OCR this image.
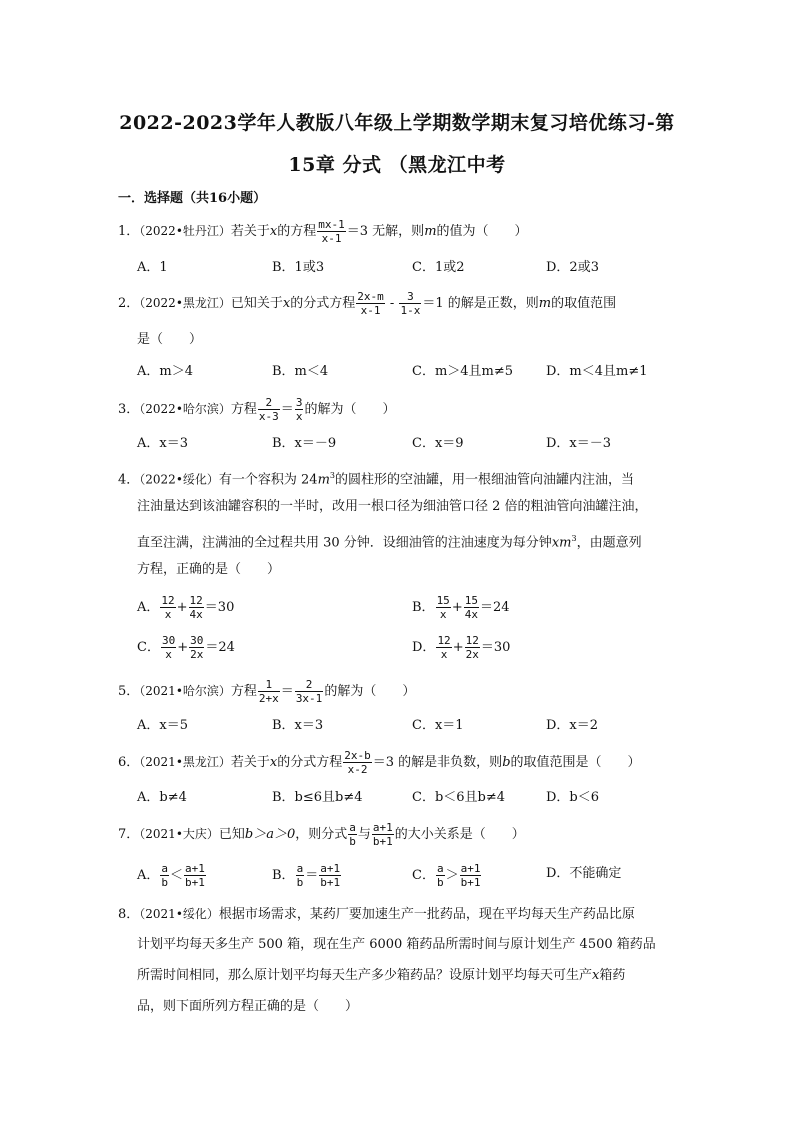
2022-2023学年人教版八年级上学期数学期末复习培优练习-第
15章 分式 （黑龙江中考
一．选择题（共16小题）
1．（2022•牡丹江）若关于x的方程 $\frac{mx-1}{x-1} =3$ 无解，则m的值为（　　）
A．1	B．1或3	C．1或2	D．2或3
2．（2022•黑龙江）已知关于x的分式方程 $\frac{2x-m}{x-1} - \frac{3}{1-x} =1$ 的解是正数，则m的取值范围
是（　　）
A．m＞4	B．m＜4	C．m＞4且m≠5	D．m＜4且m≠1
3．（2022•哈尔滨）方程 $\frac{2}{x-3} = \frac{3}{x}$ 的解为（　　）
A．x＝3	B．x＝－9	C．x＝9	D．x＝－3
4．（2022•绥化）有一个容积为 $24m^3$的圆柱形的空油罐，用一根细油管向油罐内注油，当
注油量达到该油罐容积的一半时，改用一根口径为细油管口径 2 倍的粗油管向油罐注油，
直至注满，注满油的全过程共用 30 分钟．设细油管的注油速度为每分钟$xm^3$，由题意列
方程，正确的是（　　）
A． $\frac{12}{x} + \frac{12}{4x} =30$	B． $\frac{15}{x} + \frac{15}{4x} =24$
C． $\frac{30}{x} + \frac{30}{2x} =24$	D． $\frac{12}{x} + \frac{12}{2x} =30$
5．（2021•哈尔滨）方程 $\frac{1}{2+x} = \frac{2}{3x-1}$ 的解为（　　）
A．x＝5	B．x＝3	C．x＝1	D．x＝2
6．（2021•黑龙江）若关于x的分式方程 $\frac{2x-b}{x-2} =3$ 的解是非负数，则b的取值范围是（　　）
A．b≠4	B．b≤6且b≠4	C．b＜6且b≠4	D．b＜6
7．（2021•大庆）已知b＞a＞0，则分式 $\frac{a}{b}$ 与 $\frac{a+1}{b+1}$ 的大小关系是（　　）
A． $\frac{a}{b} < \frac{a+1}{b+1}$	B． $\frac{a}{b} = \frac{a+1}{b+1}$	C． $\frac{a}{b} > \frac{a+1}{b+1}$	D．不能确定
8．（2021•绥化）根据市场需求，某药厂要加速生产一批药品，现在平均每天生产药品比原
计划平均每天多生产 500 箱，现在生产 6000 箱药品所需时间与原计划生产 4500 箱药品
所需时间相同，那么原计划平均每天生产多少箱药品？设原计划平均每天可生产x箱药
品，则下面所列方程正确的是（　　）
